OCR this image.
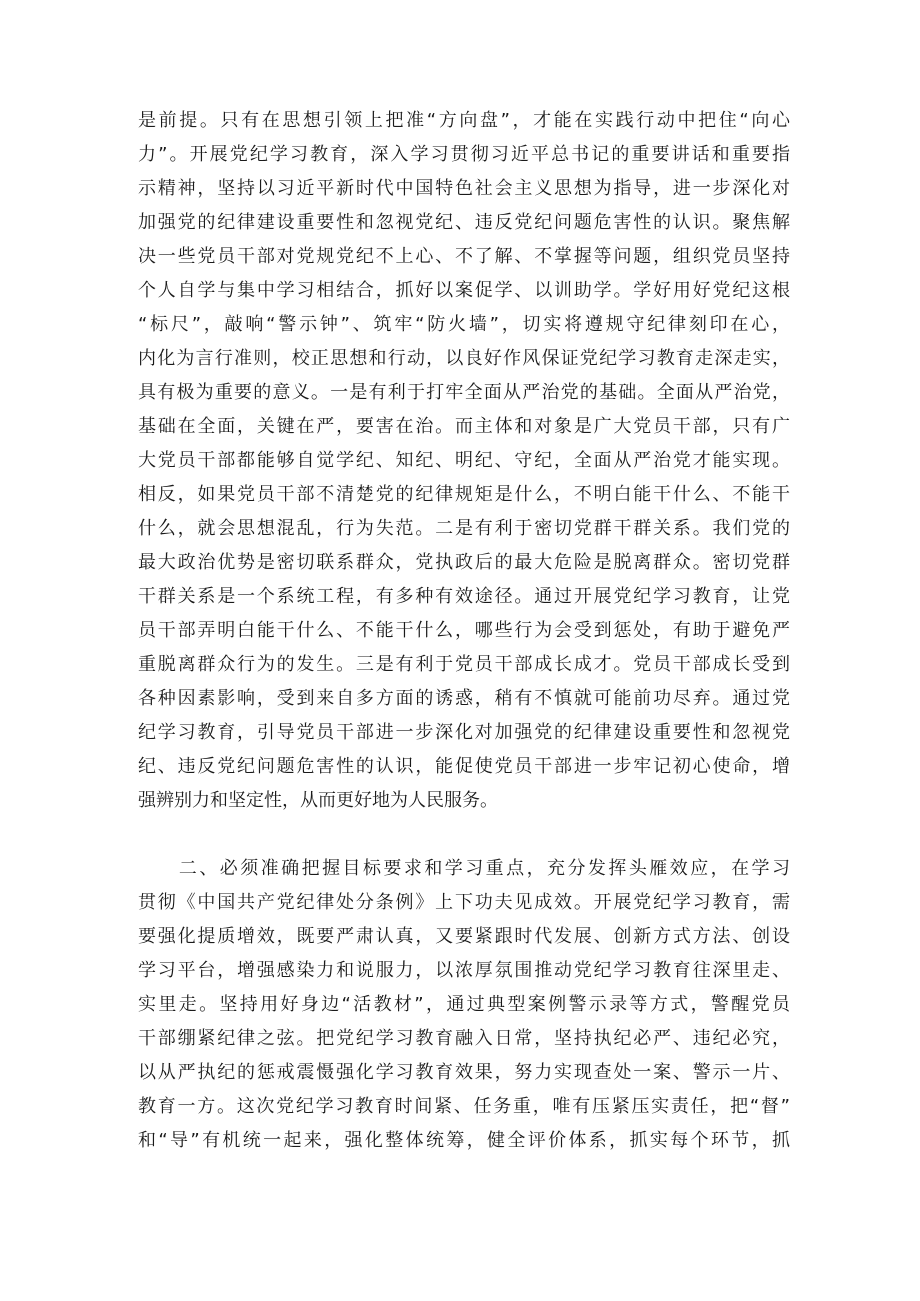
是前提。只有在思想引领上把准“方向盘”，才能在实践行动中把住“向心
力”。开展党纪学习教育，深入学习贯彻习近平总书记的重要讲话和重要指
示精神，坚持以习近平新时代中国特色社会主义思想为指导，进一步深化对
加强党的纪律建设重要性和忽视党纪、违反党纪问题危害性的认识。聚焦解
决一些党员干部对党规党纪不上心、不了解、不掌握等问题，组织党员坚持
个人自学与集中学习相结合，抓好以案促学、以训助学。学好用好党纪这根
“标尺”，敲响“警示钟”、筑牢“防火墙”，切实将遵规守纪律刻印在心，
内化为言行准则，校正思想和行动，以良好作风保证党纪学习教育走深走实，
具有极为重要的意义。一是有利于打牢全面从严治党的基础。全面从严治党，
基础在全面，关键在严，要害在治。而主体和对象是广大党员干部，只有广
大党员干部都能够自觉学纪、知纪、明纪、守纪，全面从严治党才能实现。
相反，如果党员干部不清楚党的纪律规矩是什么，不明白能干什么、不能干
什么，就会思想混乱，行为失范。二是有利于密切党群干群关系。我们党的
最大政治优势是密切联系群众，党执政后的最大危险是脱离群众。密切党群
干群关系是一个系统工程，有多种有效途径。通过开展党纪学习教育，让党
员干部弄明白能干什么、不能干什么，哪些行为会受到惩处，有助于避免严
重脱离群众行为的发生。三是有利于党员干部成长成才。党员干部成长受到
各种因素影响，受到来自多方面的诱惑，稍有不慎就可能前功尽弃。通过党
纪学习教育，引导党员干部进一步深化对加强党的纪律建设重要性和忽视党
纪、违反党纪问题危害性的认识，能促使党员干部进一步牢记初心使命，增
强辨别力和坚定性，从而更好地为人民服务。
　　二、必须准确把握目标要求和学习重点，充分发挥头雁效应，在学习
贯彻《中国共产党纪律处分条例》上下功夫见成效。开展党纪学习教育，需
要强化提质增效，既要严肃认真，又要紧跟时代发展、创新方式方法、创设
学习平台，增强感染力和说服力，以浓厚氛围推动党纪学习教育往深里走、
实里走。坚持用好身边“活教材”，通过典型案例警示录等方式，警醒党员
干部绷紧纪律之弦。把党纪学习教育融入日常，坚持执纪必严、违纪必究，
以从严执纪的惩戒震慑强化学习教育效果，努力实现查处一案、警示一片、
教育一方。这次党纪学习教育时间紧、任务重，唯有压紧压实责任，把“督”
和“导”有机统一起来，强化整体统筹，健全评价体系，抓实每个环节，抓
